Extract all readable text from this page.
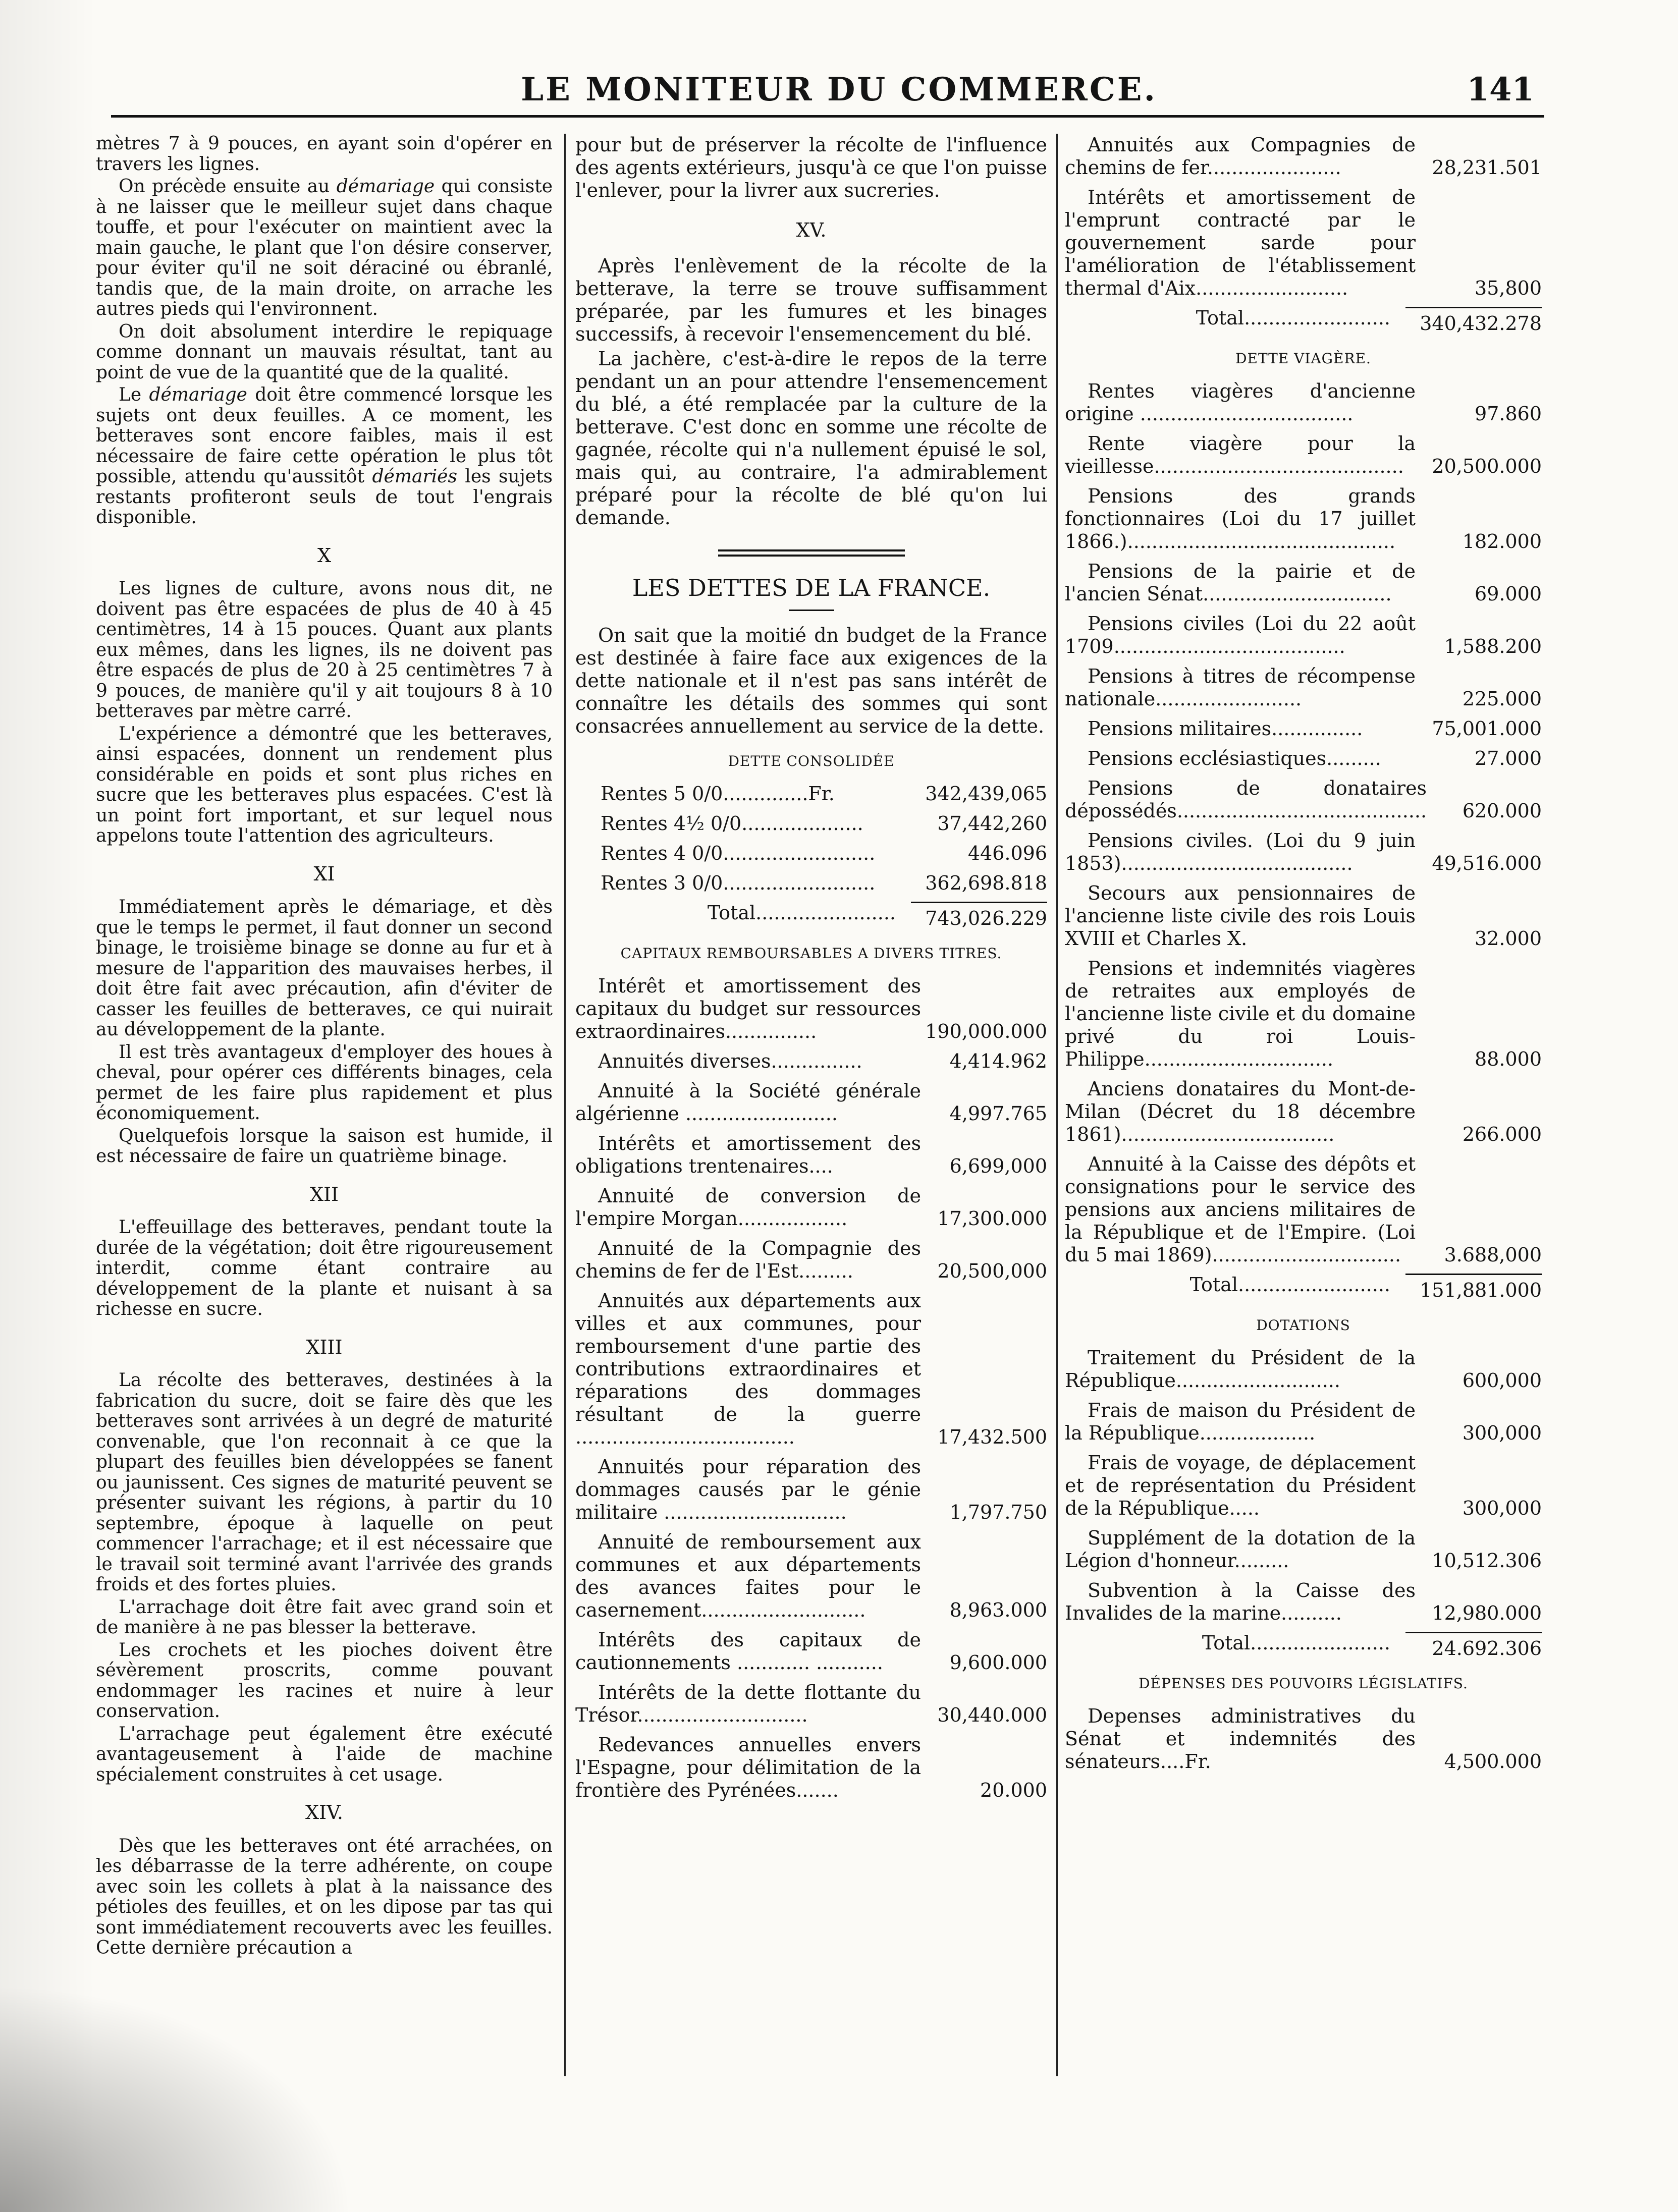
LE MONITEUR DU COMMERCE.	141

mètres 7 à 9 pouces, en ayant soin d'opérer en travers les lignes.

On précède ensuite au démariage qui consiste à ne laisser que le meilleur sujet dans chaque touffe, et pour l'exécuter on maintient avec la main gauche, le plant que l'on désire conserver, pour éviter qu'il ne soit déraciné ou ébranlé, tandis que, de la main droite, on arrache les autres pieds qui l'environnent.

On doit absolument interdire le repiquage comme donnant un mauvais résultat, tant au point de vue de la quantité que de la qualité.

Le démariage doit être commencé lorsque les sujets ont deux feuilles. A ce moment, les betteraves sont encore faibles, mais il est nécessaire de faire cette opération le plus tôt possible, attendu qu'aussitôt démariés les sujets restants profiteront seuls de tout l'engrais disponible.

X

Les lignes de culture, avons nous dit, ne doivent pas être espacées de plus de 40 à 45 centimètres, 14 à 15 pouces. Quant aux plants eux mêmes, dans les lignes, ils ne doivent pas être espacés de plus de 20 à 25 centimètres 7 à 9 pouces, de manière qu'il y ait toujours 8 à 10 betteraves par mètre carré.

L'expérience a démontré que les betteraves, ainsi espacées, donnent un rendement plus considérable en poids et sont plus riches en sucre que les betteraves plus espacées. C'est là un point fort important, et sur lequel nous appelons toute l'attention des agriculteurs.

XI

Immédiatement après le démariage, et dès que le temps le permet, il faut donner un second binage, le troisième binage se donne au fur et à mesure de l'apparition des mauvaises herbes, il doit être fait avec précaution, afin d'éviter de casser les feuilles de betteraves, ce qui nuirait au développement de la plante.

Il est très avantageux d'employer des houes à cheval, pour opérer ces différents binages, cela permet de les faire plus rapidement et plus économiquement.

Quelquefois lorsque la saison est humide, il est nécessaire de faire un quatrième binage.

XII

L'effeuillage des betteraves, pendant toute la durée de la végétation; doit être rigoureusement interdit, comme étant contraire au développement de la plante et nuisant à sa richesse en sucre.

XIII

La récolte des betteraves, destinées à la fabrication du sucre, doit se faire dès que les betteraves sont arrivées à un degré de maturité convenable, que l'on reconnait à ce que la plupart des feuilles bien développées se fanent ou jaunissent. Ces signes de maturité peuvent se présenter suivant les régions, à partir du 10 septembre, époque à laquelle on peut commencer l'arrachage; et il est nécessaire que le travail soit terminé avant l'arrivée des grands froids et des fortes pluies.

L'arrachage doit être fait avec grand soin et de manière à ne pas blesser la betterave.

Les crochets et les pioches doivent être sévèrement proscrits, comme pouvant endommager les racines et nuire à leur conservation.

L'arrachage peut également être exécuté avantageusement à l'aide de machine spécialement construites à cet usage.

XIV.

Dès que les betteraves ont été arrachées, on les débarrasse de la terre adhérente, on coupe avec soin les collets à plat à la naissance des pétioles des feuilles, et on les dipose par tas qui sont immédiatement recouverts avec les feuilles. Cette dernière précaution a

pour but de préserver la récolte de l'influence des agents extérieurs, jusqu'à ce que l'on puisse l'enlever, pour la livrer aux sucreries.

XV.

Après l'enlèvement de la récolte de la betterave, la terre se trouve suffisamment préparée, par les fumures et les binages successifs, à recevoir l'ensemencement du blé.

La jachère, c'est-à-dire le repos de la terre pendant un an pour attendre l'ensemencement du blé, a été remplacée par la culture de la betterave. C'est donc en somme une récolte de gagnée, récolte qui n'a nullement épuisé le sol, mais qui, au contraire, l'a admirablement préparé pour la récolte de blé qu'on lui demande.

LES DETTES DE LA FRANCE.

On sait que la moitié dn budget de la France est destinée à faire face aux exigences de la dette nationale et il n'est pas sans intérêt de connaître les détails des sommes qui sont consacrées annuellement au service de la dette.

DETTE CONSOLIDÉE
Rentes 5 0/0..............Fr.	342,439,065
Rentes 4½ 0/0....................	37,442,260
Rentes 4 0/0.........................	446.096
Rentes 3 0/0.........................	362,698.818
Total.......................	743,026.229
CAPITAUX REMBOURSABLES A DIVERS TITRES.
Intérêt et amortissement des capitaux du budget sur ressources extraordinaires...............	190,000.000
Annuités diverses...............	4,414.962
Annuité à la Société générale algérienne .........................	4,997.765
Intérêts et amortissement des obligations trentenaires....	6,699,000
Annuité de conversion de l'empire Morgan..................	17,300.000
Annuité de la Compagnie des chemins de fer de l'Est.........	20,500,000
Annuités aux départements aux villes et aux communes, pour remboursement d'une partie des contributions extraordinaires et réparations des dommages résultant de la guerre ....................................	17,432.500
Annuités pour réparation des dommages causés par le génie militaire ..............................	1,797.750
Annuité de remboursement aux communes et aux départements des avances faites pour le casernement...........................	8,963.000
Intérêts des capitaux de cautionnements ............ ...........	9,600.000
Intérêts de la dette flottante du Trésor............................	30,440.000
Redevances annuelles envers l'Espagne, pour délimitation de la frontière des Pyrénées.......	20.000
Annuités aux Compagnies de chemins de fer......................	28,231.501
Intérêts et amortissement de l'emprunt contracté par le gouvernement sarde pour l'amélioration de l'établissement thermal d'Aix.........................	35,800
Total........................	340,432.278
DETTE VIAGÈRE.
Rentes viagères d'ancienne origine ...................................	97.860
Rente viagère pour la vieillesse.........................................	20,500.000
Pensions des grands fonctionnaires (Loi du 17 juillet 1866.)............................................	182.000
Pensions de la pairie et de l'ancien Sénat...............................	69.000
Pensions civiles (Loi du 22 août 1709......................................	1,588.200
Pensions à titres de récompense nationale........................	225.000
Pensions militaires...............	75,001.000
Pensions ecclésiastiques.........	27.000
Pensions de donataires dépossédés.........................................	620.000
Pensions civiles. (Loi du 9 juin 1853)......................................	49,516.000
Secours aux pensionnaires de l'ancienne liste civile des rois Louis XVIII et Charles X.	32.000
Pensions et indemnités viagères de retraites aux employés de l'ancienne liste civile et du domaine privé du roi Louis-Philippe...............................	88.000
Anciens donataires du Mont-de-Milan (Décret du 18 décembre 1861)...................................	266.000
Annuité à la Caisse des dépôts et consignations pour le service des pensions aux anciens militaires de la République et de l'Empire. (Loi du 5 mai 1869)...............................	3.688,000
Total.........................	151,881.000
DOTATIONS
Traitement du Président de la République...........................	600,000
Frais de maison du Président de la République...................	300,000
Frais de voyage, de déplacement et de représentation du Président de la République.....	300,000
Supplément de la dotation de la Légion d'honneur.........	10,512.306
Subvention à la Caisse des Invalides de la marine..........	12,980.000
Total.......................	24.692.306
DÉPENSES DES POUVOIRS LÉGISLATIFS.
Depenses administratives du Sénat et indemnités des sénateurs....Fr.	4,500.000
